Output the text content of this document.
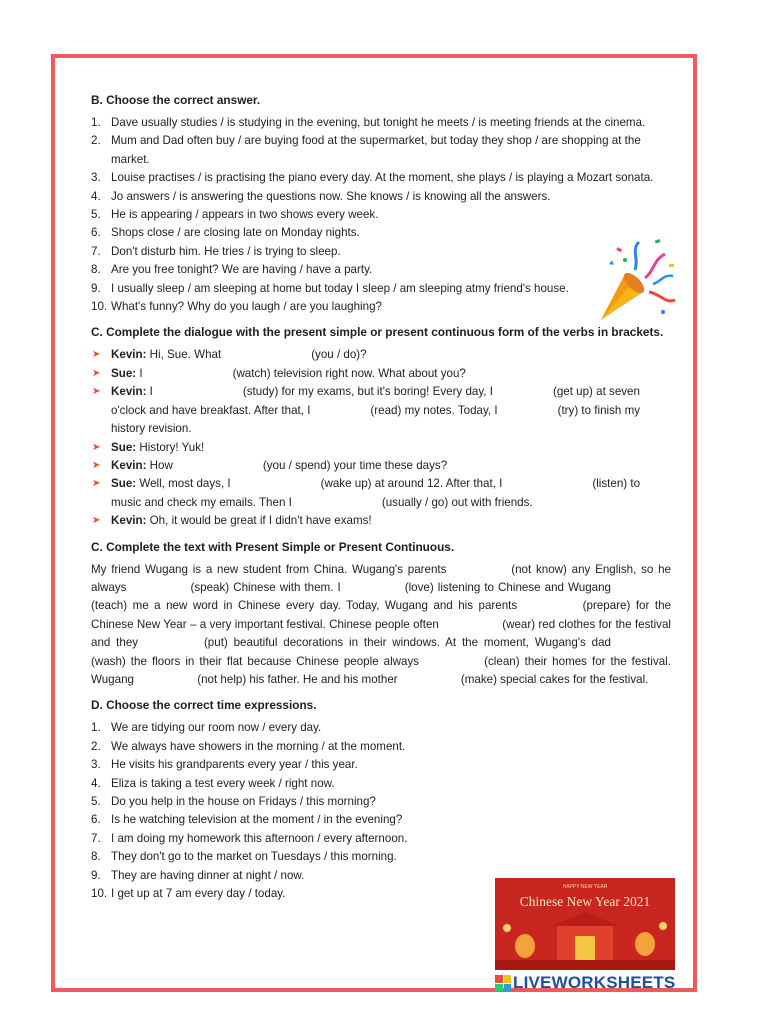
B. Choose the correct answer.
1. Dave usually studies / is studying in the evening, but tonight he meets / is meeting friends at the cinema.
2. Mum and Dad often buy / are buying food at the supermarket, but today they shop / are shopping at the market.
3. Louise practises / is practising the piano every day. At the moment, she plays / is playing a Mozart sonata.
4. Jo answers / is answering the questions now. She knows / is knowing all the answers.
5. He is appearing / appears in two shows every week.
6. Shops close / are closing late on Monday nights.
7. Don't disturb him. He tries / is trying to sleep.
8. Are you free tonight? We are having / have a party.
9. I usually sleep / am sleeping at home but today I sleep / am sleeping atmy friend's house.
10. What's funny? Why do you laugh / are you laughing?
C. Complete the dialogue with the present simple or present continuous form of the verbs in brackets.
➤ Kevin: Hi, Sue. What	(you / do)?
➤ Sue: I	(watch) television right now. What about you?
➤ Kevin: I	(study) for my exams, but it's boring! Every day, I	(get up) at seven o'clock and have breakfast. After that, I	(read) my notes. Today, I	(try) to finish my history revision.
➤ Sue: History! Yuk!
➤ Kevin: How	(you / spend) your time these days?
➤ Sue: Well, most days, I	(wake up) at around 12. After that, I	(listen) to music and check my emails. Then I	(usually / go) out with friends.
➤ Kevin: Oh, it would be great if I didn't have exams!
C. Complete the text with Present Simple or Present Continuous.
My friend Wugang is a new student from China. Wugang's parents	(not know) any English, so he always	(speak) Chinese with them. I	(love) listening to Chinese and Wugang (teach) me a new word in Chinese every day. Today, Wugang and his parents	(prepare) for the Chinese New Year – a very important festival. Chinese people often	(wear) red clothes for the festival and they	(put) beautiful decorations in their windows. At the moment, Wugang's dad (wash) the floors in their flat because Chinese people always	(clean) their homes for the festival. Wugang	(not help) his father. He and his mother	(make) special cakes for the festival.
D. Choose the correct time expressions.
1. We are tidying our room now / every day.
2. We always have showers in the morning / at the moment.
3. He visits his grandparents every year / this year.
4. Eliza is taking a test every week / right now.
5. Do you help in the house on Fridays / this morning?
6. Is he watching television at the moment / in the evening?
7. I am doing my homework this afternoon / every afternoon.
8. They don't go to the market on Tuesdays / this morning.
9. They are having dinner at night / now.
10. I get up at 7 am every day / today.
HAPPY NEW YEAR
Chinese New Year 2021
LIVEWORKSHEETS
